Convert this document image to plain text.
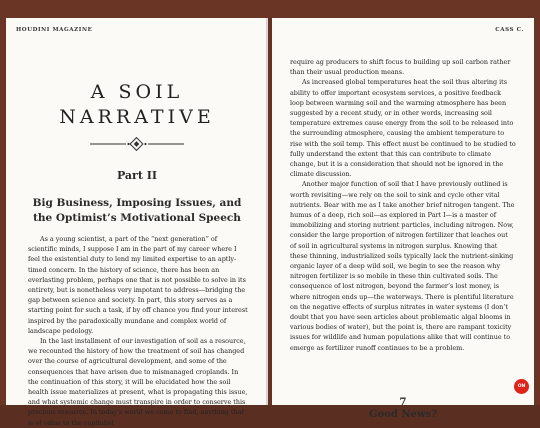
HOUDINI MAGAZINE
A SOIL
NARRATIVE
Part II
Big Business, Imposing Issues, and the Optimist’s Motivational Speech

As a young scientist, a part of the “next generation” of scientific minds, I suppose I am in the part of my career where I feel the existential duty to lend my limited expertise to an aptly-timed concern. In the history of science, there has been an everlasting problem, perhaps one that is not possible to solve in its entirety, but is nonetheless very impotant to address—bridging the gap between science and society. In part, this story serves as a starting point for such a task, if by off chance you find your interest inspired by the paradoxically mundane and complex world of landscape pedology.

In the last installment of our investigation of soil as a resource, we recounted the history of how the treatment of soil has changed over the course of agricultural development, and some of the consequences that have arisen due to mismanaged croplands. In the continuation of this story, it will be elucidated how the soil health issue materializes at present, what is propagating this issue, and what systemic change must transpire in order to conserve this precious resource. In today’s world we come to find, anything that is of value to the capitalist

CASS C.

require ag producers to shift focus to building up soil carbon rather than their usual production means.

As increased global temperatures heat the soil thus altering its ability to offer important ecosystem services, a positive feedback loop between warming soil and the warming atmosphere has been suggested by a recent study, or in other words, increasing soil temperature extremes cause energy from the soil to be released into the surrounding atmosphere, causing the ambient temperature to rise with the soil temp. This effect must be continued to be studied to fully understand the extent that this can contribute to climate change, but it is a consideration that should not be ignored in the climate discussion.

Another major function of soil that I have previously outlined is worth revisiting—we rely on the soil to sink and cycle other vital nutrients. Bear with me as I take another brief nitrogen tangent. The humus of a deep, rich soil—as explored in Part I—is a master of immobilizing and storing nutrient particles, including nitrogen. Now, consider the large proportion of nitrogen fertilizer that leaches out of soil in agricultural systems in nitrogen surplus. Knowing that these thinning, industrialized soils typically lack the nutrient-sinking organic layer of a deep wild soil, we begin to see the reason why nitrogen fertilizer is so mobile in these thin cultivated soils. The consequence of lost nitrogen, beyond the farmer’s lost money, is where nitrogen ends up—the waterways. There is plentiful literature on the negative effects of surplus nitrates in water systems (I don’t doubt that you have seen articles about problematic algal blooms in various bodies of water), but the point is, there are rampant toxicity issues for wildlife and human populations alike that will continue to emerge as fertilizer runoff continues to be a problem.

7
Good News?
ON
